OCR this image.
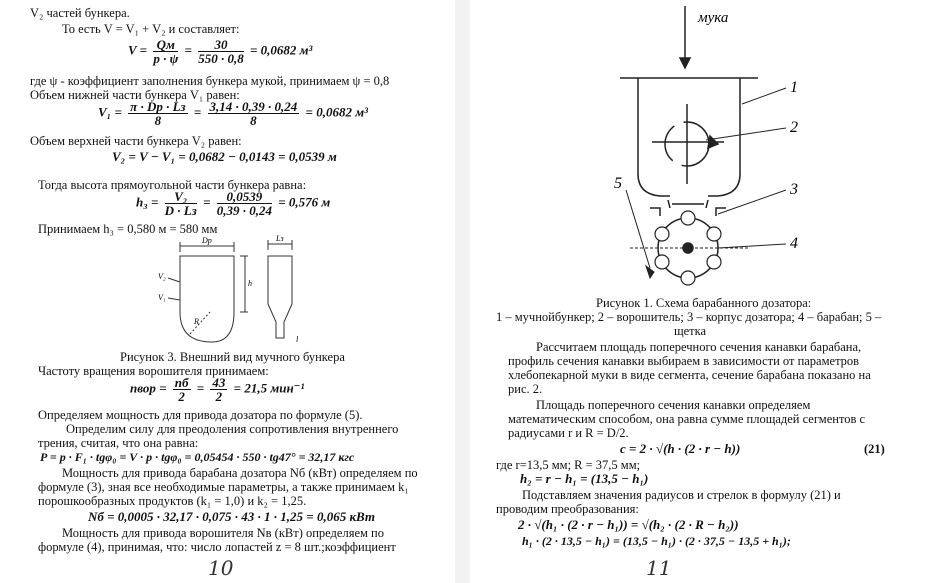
V₂ частей бункера.
То есть V = V₁ + V₂ и составляет:
$V = \frac{Qм}{p \cdot \psi} = \frac{30}{550 \cdot 0,8} = 0,0682$ м³
где ψ - коэффициент заполнения бункера мукой, принимаем ψ = 0,8
Объем нижней части бункера V₁ равен:
$V_1 = \frac{\pi \cdot Dр \cdot Lз}{8} = \frac{3,14 \cdot 0,39 \cdot 0,24}{8} = 0,0682$ м³
Объем верхней части бункера V₂ равен:
V₂ = V − V₁ = 0,0682 − 0,0143 = 0,0539 м
Тогда высота прямоугольной части бункера равна:
$h_3 = \frac{\text{V₂}}{D \cdot Lз} = \frac{0,0539}{0,39 \cdot 0,24} = 0,576$ м
Принимаем h₃ = 0,580 м = 580 мм
Dр	Lз
V₂
V₁
h
R
l
Рисунок 3. Внешний вид мучного бункера
Частоту вращения ворошителя принимаем:
nвор = $\frac{nб}{2} = \frac{43}{2} = 21,5$ мин⁻¹
Определяем мощность для привода дозатора по формуле (5).
Определим силу для преодоления сопротивления внутреннего
трения, считая, что она равна:
P = p · F₁ · tgφ₀ = V · p · tgφ₀ = 0,05454 · 550 · tg47° = 32,17 кгс
Мощность для привода барабана дозатора Nб (кВт) определяем по
формуле (3), зная все необходимые параметры, а также принимаем k₁
порошкообразных продуктов (k₁ = 1,0) и k₂ = 1,25.
Nб = 0,0005 · 32,17 · 0,075 · 43 · 1 · 1,25 = 0,065 кВт
Мощность для привода ворошителя Nв (кВт) определяем по
формуле (4), принимая, что: число лопастей z = 8 шт.;коэффициент
10
мука
1
2
3
4
5
Рисунок 1. Схема барабанного дозатора:
1 – мучнойбункер; 2 – ворошитель; 3 – корпус дозатора; 4 – барабан; 5 –
щетка
Рассчитаем площадь поперечного сечения канавки барабана,
профиль сечения канавки выбираем в зависимости от параметров
хлебопекарной муки в виде сегмента, сечение барабана показано на
рис. 2.
Площадь поперечного сечения канавки определяем
математическим способом, она равна сумме площадей сегментов с
радиусами r и R = D/2.
c = 2 · √(h · (2 · r − h))	(21)
где r=13,5 мм; R = 37,5 мм;
h₂ = r − h₁ = (13,5 − h₁)
Подставляем значения радиусов и стрелок в формулу (21) и
проводим преобразования:
2 · √(h₁ · (2 · r − h₁)) = √(h₂ · (2 · R − h₂))
h₁ · (2 · 13,5 − h₁) = (13,5 − h₁) · (2 · 37,5 − 13,5 + h₁);
11
